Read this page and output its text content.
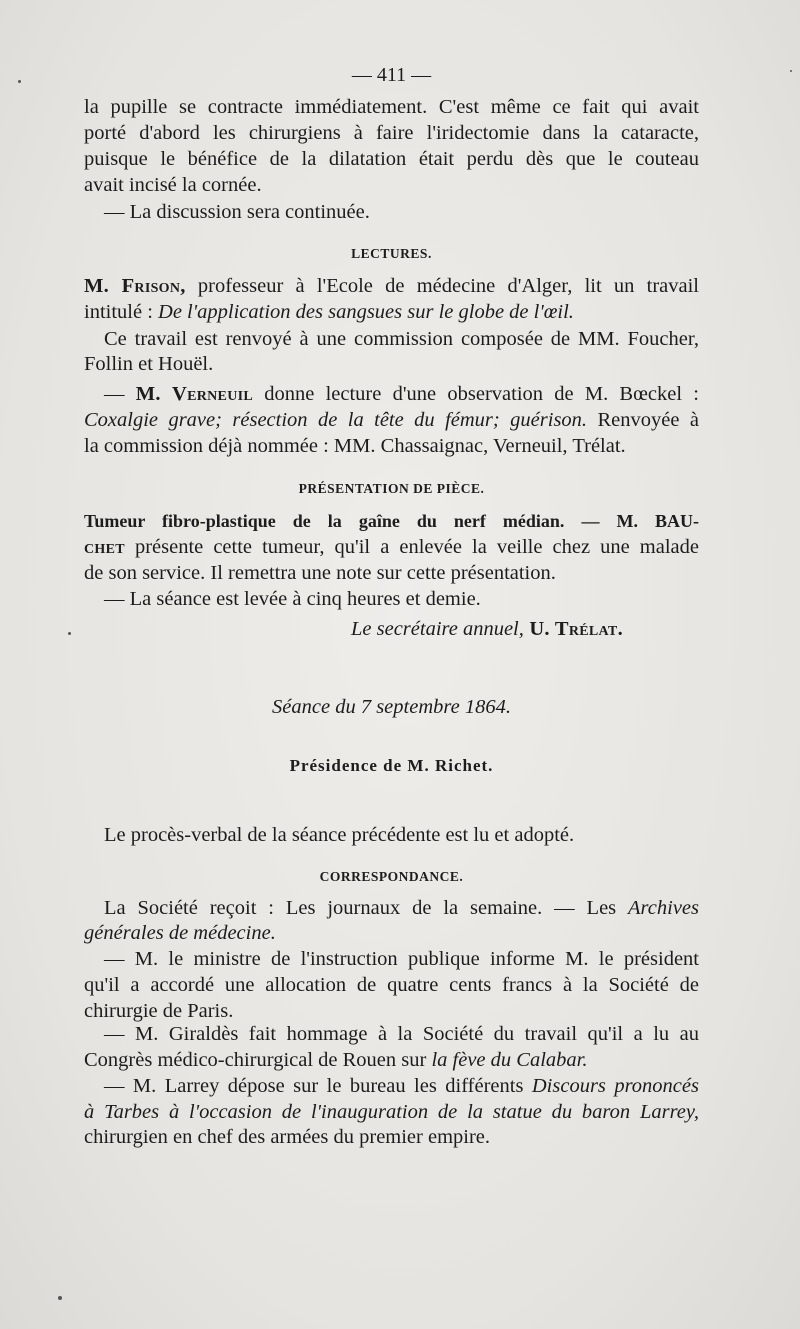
— 411 —
la pupille se contracte immédiatement. C'est même ce fait qui avait
porté d'abord les chirurgiens à faire l'iridectomie dans la cataracte,
puisque le bénéfice de la dilatation était perdu dès que le couteau
avait incisé la cornée.
— La discussion sera continuée.
LECTURES.
M. Frison, professeur à l'Ecole de médecine d'Alger, lit un travail
intitulé : De l'application des sangsues sur le globe de l'œil.
Ce travail est renvoyé à une commission composée de MM. Foucher,
Follin et Houël.
— M. Verneuil donne lecture d'une observation de M. Bœckel :
Coxalgie grave; résection de la tête du fémur; guérison. Renvoyée à
la commission déjà nommée : MM. Chassaignac, Verneuil, Trélat.
PRÉSENTATION DE PIÈCE.
Tumeur fibro-plastique de la gaîne du nerf médian. — M. BAU-
chet présente cette tumeur, qu'il a enlevée la veille chez une malade
de son service. Il remettra une note sur cette présentation.
— La séance est levée à cinq heures et demie.
Le secrétaire annuel, U. Trélat.
Séance du 7 septembre 1864.
Présidence de M. Richet.
Le procès-verbal de la séance précédente est lu et adopté.
CORRESPONDANCE.
La Société reçoit : Les journaux de la semaine. — Les Archives
générales de médecine.
— M. le ministre de l'instruction publique informe M. le président
qu'il a accordé une allocation de quatre cents francs à la Société de
chirurgie de Paris.
— M. Giraldès fait hommage à la Société du travail qu'il a lu au
Congrès médico-chirurgical de Rouen sur la fève du Calabar.
— M. Larrey dépose sur le bureau les différents Discours prononcés
à Tarbes à l'occasion de l'inauguration de la statue du baron Larrey,
chirurgien en chef des armées du premier empire.
